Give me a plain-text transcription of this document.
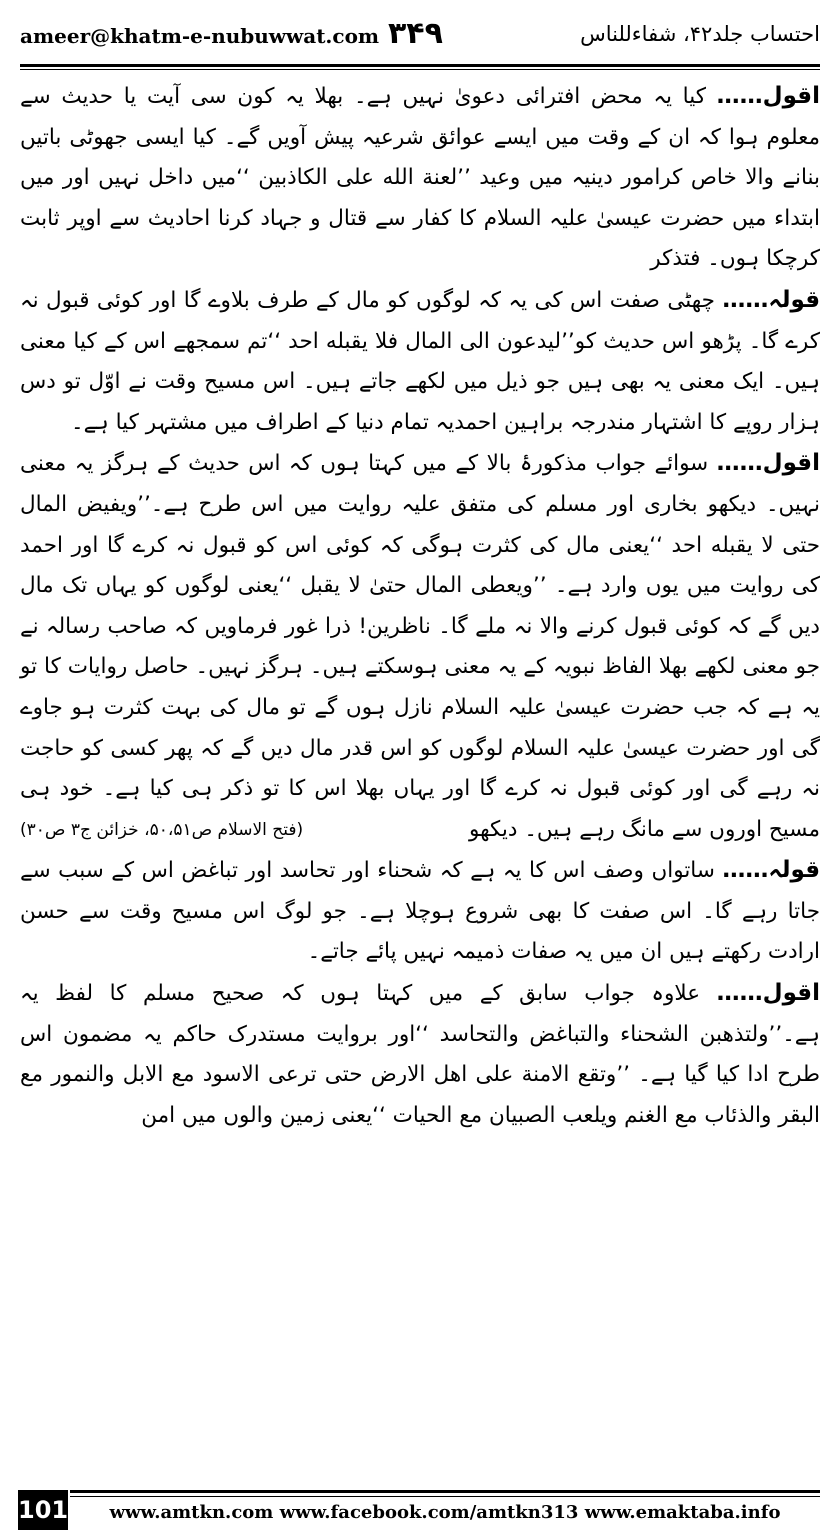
ameer@khatm-e-nubuwwat.com ۳۴۹	احتساب جلد۴۲، شفاءللناس

اقول…… کیا یہ محض افترائی دعویٰ نہیں ہے۔ بھلا یہ کون سی آیت یا حدیث سے معلوم ہوا کہ ان کے وقت میں ایسے عوائق شرعیہ پیش آویں گے۔ کیا ایسی جھوٹی باتیں بنانے والا خاص کرامور دینیہ میں وعید ’’لعنة الله على الكاذبين ‘‘میں داخل نہیں اور میں ابتداء میں حضرت عیسیٰ علیہ السلام کا کفار سے قتال و جہاد کرنا احادیث سے اوپر ثابت کرچکا ہوں۔ فتذکر

قولہ…… چھٹی صفت اس کی یہ کہ لوگوں کو مال کے طرف بلاوے گا اور کوئی قبول نہ کرے گا۔ پڑھو اس حدیث کو’’ليدعون الى المال فلا يقبله احد ‘‘تم سمجھے اس کے کیا معنی ہیں۔ ایک معنی یہ بھی ہیں جو ذیل میں لکھے جاتے ہیں۔ اس مسیح وقت نے اوّل تو دس ہزار روپے کا اشتہار مندرجہ براہین احمدیہ تمام دنیا کے اطراف میں مشتہر کیا ہے۔

اقول…… سوائے جواب مذکورۂ بالا کے میں کہتا ہوں کہ اس حدیث کے ہرگز یہ معنی نہیں۔ دیکھو بخاری اور مسلم کی متفق علیہ روایت میں اس طرح ہے۔’’ويفيض المال حتى لا يقبله احد ‘‘یعنی مال کی کثرت ہوگی کہ کوئی اس کو قبول نہ کرے گا اور احمد کی روایت میں یوں وارد ہے۔ ’’ويعطى المال حتىٰ لا يقبل ‘‘یعنی لوگوں کو یہاں تک مال دیں گے کہ کوئی قبول کرنے والا نہ ملے گا۔ ناظرین! ذرا غور فرماویں کہ صاحب رسالہ نے جو معنی لکھے بھلا الفاظ نبویہ کے یہ معنی ہوسکتے ہیں۔ ہرگز نہیں۔ حاصل روایات کا تو یہ ہے کہ جب حضرت عیسیٰ علیہ السلام نازل ہوں گے تو مال کی بہت کثرت ہو جاوے گی اور حضرت عیسیٰ علیہ السلام لوگوں کو اس قدر مال دیں گے کہ پھر کسی کو حاجت نہ رہے گی اور کوئی قبول نہ کرے گا اور یہاں بھلا اس کا تو ذکر ہی کیا ہے۔ خود ہی مسیح اوروں سے مانگ رہے ہیں۔ دیکھو
(فتح الاسلام ص۵۰،۵۱، خزائن ج۳ ص۳۰)

قولہ…… ساتواں وصف اس کا یہ ہے کہ شحناء اور تحاسد اور تباغض اس کے سبب سے جاتا رہے گا۔ اس صفت کا بھی شروع ہوچلا ہے۔ جو لوگ اس مسیح وقت سے حسن ارادت رکھتے ہیں ان میں یہ صفات ذمیمہ نہیں پائے جاتے۔

اقول…… علاوہ جواب سابق کے میں کہتا ہوں کہ صحیح مسلم کا لفظ یہ ہے۔’’ولتذهبن الشحناء والتباغض والتحاسد ‘‘اور بروایت مستدرک حاکم یہ مضمون اس طرح ادا کیا گیا ہے۔ ’’وتقع الامنة على اهل الارض حتى ترعى الاسود مع الابل والنمور مع البقر والذئاب مع الغنم ويلعب الصبيان مع الحيات ‘‘یعنی زمین والوں میں امن

101	www.amtkn.com www.facebook.com/amtkn313 www.emaktaba.info
